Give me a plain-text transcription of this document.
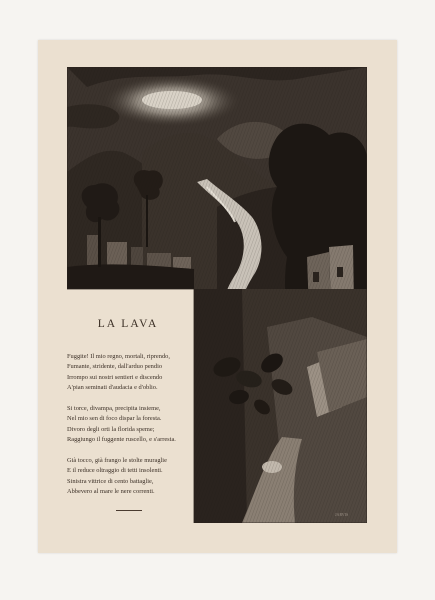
JARVIS
LA LAVA
Fuggite! Il mio regno, mortali, riprendo,
Fumante, stridente, dall'arduo pendio
Irrompo sui nostri sentieri e discendo
A'pian seminati d'audacia e d'oblio.
Si torce, divampa, precipita insieme,
Nel mio sen di foco dispar la foresta.
Divoro degli orti la florida speme;
Raggiungo il fuggente ruscello, e s'arresta.
Già tocco, già frango le stolte muraglie
E il reduce oltraggio di tetti insolenti.
Sinistra vittrice di cento battaglie,
Abbevero al mare le nere correnti.
